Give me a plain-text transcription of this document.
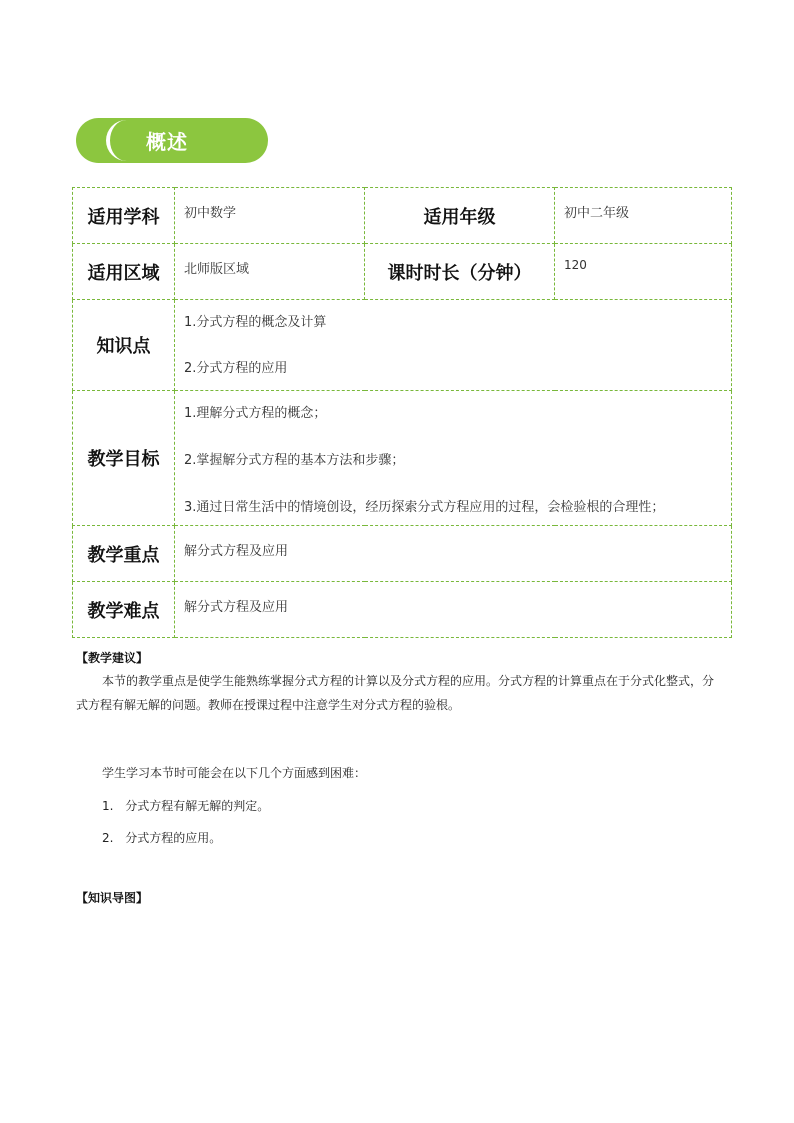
概述
适用学科	初中数学	适用年级	初中二年级
适用区域	北师版区域	课时时长（分钟）	120
知识点	1.分式方程的概念及计算
2.分式方程的应用		

教学目标	1.理解分式方程的概念；
2.掌握解分式方程的基本方法和步骤；
3.通过日常生活中的情境创设，经历探索分式方程应用的过程，会检验根的合理性；		

教学重点	解分式方程及应用		
教学难点	解分式方程及应用		
【教学建议】
本节的教学重点是使学生能熟练掌握分式方程的计算以及分式方程的应用。分式方程的计算重点在于分式化整式，分式方程有解无解的问题。教师在授课过程中注意学生对分式方程的验根。
学生学习本节时可能会在以下几个方面感到困难：
1. 分式方程有解无解的判定。
2. 分式方程的应用。
【知识导图】
